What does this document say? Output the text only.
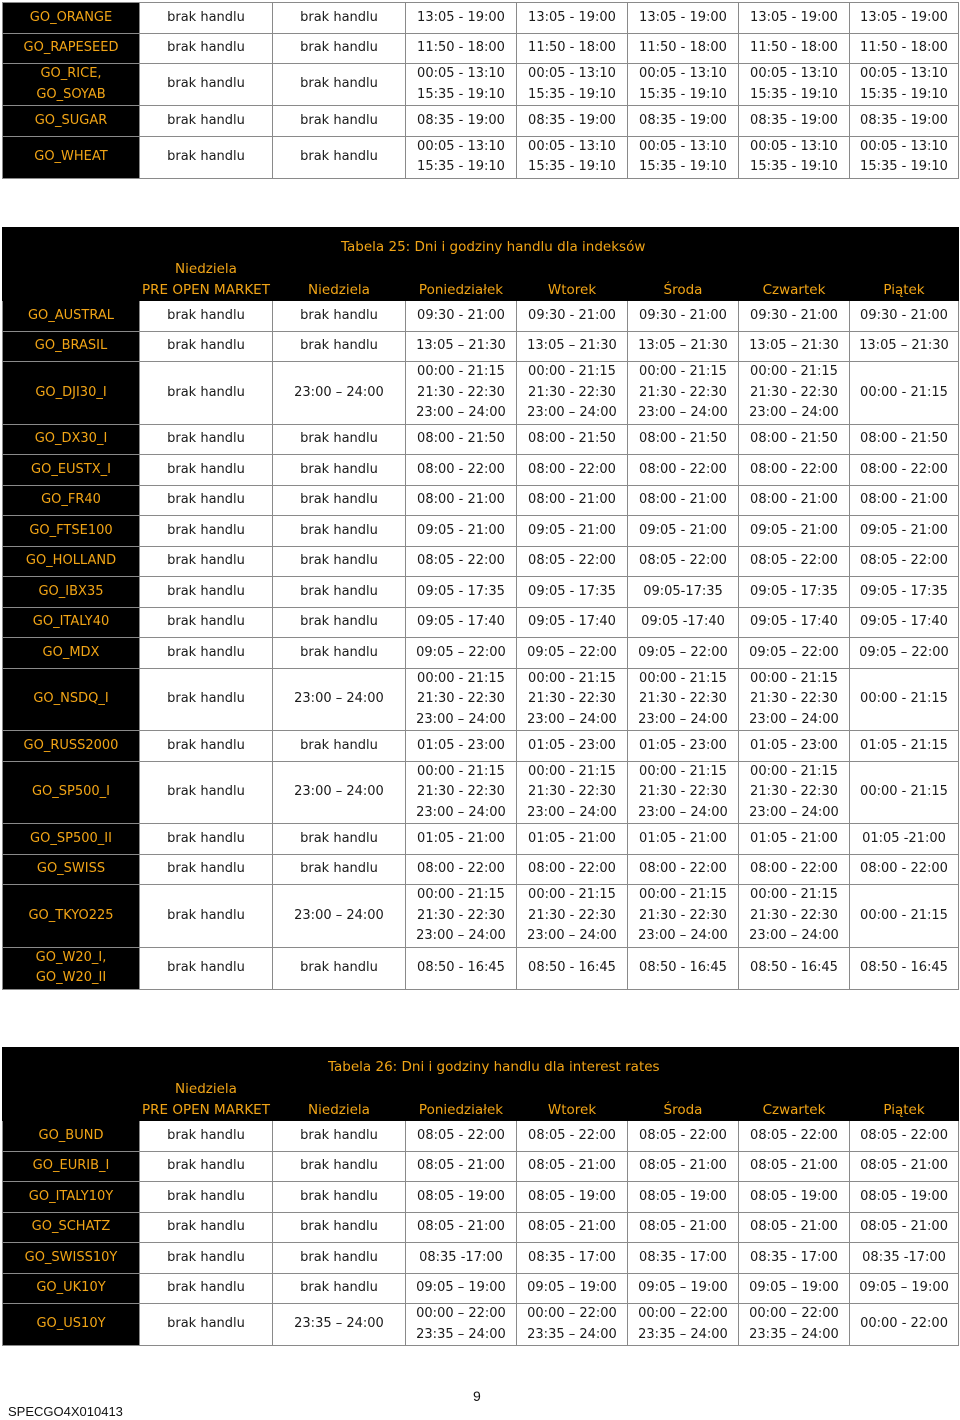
GO_ORANGE	brak handlu	brak handlu	13:05 - 19:00	13:05 - 19:00	13:05 - 19:00	13:05 - 19:00	13:05 - 19:00

GO_RAPESEED	brak handlu	brak handlu	11:50 - 18:00	11:50 - 18:00	11:50 - 18:00	11:50 - 18:00	11:50 - 18:00

GO_RICE,
GO_SOYAB	brak handlu	brak handlu	00:05 - 13:10
15:35 - 19:10	00:05 - 13:10
15:35 - 19:10	00:05 - 13:10
15:35 - 19:10	00:05 - 13:10
15:35 - 19:10	00:05 - 13:10
15:35 - 19:10

GO_SUGAR	brak handlu	brak handlu	08:35 - 19:00	08:35 - 19:00	08:35 - 19:00	08:35 - 19:00	08:35 - 19:00

GO_WHEAT	brak handlu	brak handlu	00:05 - 13:10
15:35 - 19:10	00:05 - 13:10
15:35 - 19:10	00:05 - 13:10
15:35 - 19:10	00:05 - 13:10
15:35 - 19:10	00:05 - 13:10
15:35 - 19:10
Tabela 25: Dni i godziny handlu dla indeksów							

	Niedziela
PRE OPEN MARKET	Niedziela	Poniedziałek	Wtorek	Środa	Czwartek	Piątek

GO_AUSTRAL	brak handlu	brak handlu	09:30 - 21:00	09:30 - 21:00	09:30 - 21:00	09:30 - 21:00	09:30 - 21:00

GO_BRASIL	brak handlu	brak handlu	13:05 – 21:30	13:05 – 21:30	13:05 – 21:30	13:05 – 21:30	13:05 – 21:30

GO_DJI30_I	brak handlu	23:00 – 24:00	00:00 - 21:15
21:30 - 22:30
23:00 – 24:00	00:00 - 21:15
21:30 - 22:30
23:00 – 24:00	00:00 - 21:15
21:30 - 22:30
23:00 – 24:00	00:00 - 21:15
21:30 - 22:30
23:00 – 24:00	00:00 - 21:15

GO_DX30_I	brak handlu	brak handlu	08:00 - 21:50	08:00 - 21:50	08:00 - 21:50	08:00 - 21:50	08:00 - 21:50

GO_EUSTX_I	brak handlu	brak handlu	08:00 - 22:00	08:00 - 22:00	08:00 - 22:00	08:00 - 22:00	08:00 - 22:00

GO_FR40	brak handlu	brak handlu	08:00 - 21:00	08:00 - 21:00	08:00 - 21:00	08:00 - 21:00	08:00 - 21:00

GO_FTSE100	brak handlu	brak handlu	09:05 - 21:00	09:05 - 21:00	09:05 - 21:00	09:05 - 21:00	09:05 - 21:00

GO_HOLLAND	brak handlu	brak handlu	08:05 - 22:00	08:05 - 22:00	08:05 - 22:00	08:05 - 22:00	08:05 - 22:00

GO_IBX35	brak handlu	brak handlu	09:05 - 17:35	09:05 - 17:35	09:05-17:35	09:05 - 17:35	09:05 - 17:35

GO_ITALY40	brak handlu	brak handlu	09:05 - 17:40	09:05 - 17:40	09:05 -17:40	09:05 - 17:40	09:05 - 17:40

GO_MDX	brak handlu	brak handlu	09:05 – 22:00	09:05 – 22:00	09:05 – 22:00	09:05 – 22:00	09:05 – 22:00

GO_NSDQ_I	brak handlu	23:00 – 24:00	00:00 - 21:15
21:30 - 22:30
23:00 – 24:00	00:00 - 21:15
21:30 - 22:30
23:00 – 24:00	00:00 - 21:15
21:30 - 22:30
23:00 – 24:00	00:00 - 21:15
21:30 - 22:30
23:00 – 24:00	00:00 - 21:15

GO_RUSS2000	brak handlu	brak handlu	01:05 - 23:00	01:05 - 23:00	01:05 - 23:00	01:05 - 23:00	01:05 - 21:15

GO_SP500_I	brak handlu	23:00 – 24:00	00:00 - 21:15
21:30 - 22:30
23:00 – 24:00	00:00 - 21:15
21:30 - 22:30
23:00 – 24:00	00:00 - 21:15
21:30 - 22:30
23:00 – 24:00	00:00 - 21:15
21:30 - 22:30
23:00 – 24:00	00:00 - 21:15

GO_SP500_II	brak handlu	brak handlu	01:05 - 21:00	01:05 - 21:00	01:05 - 21:00	01:05 - 21:00	01:05 -21:00

GO_SWISS	brak handlu	brak handlu	08:00 - 22:00	08:00 - 22:00	08:00 - 22:00	08:00 - 22:00	08:00 - 22:00

GO_TKYO225	brak handlu	23:00 – 24:00	00:00 - 21:15
21:30 - 22:30
23:00 – 24:00	00:00 - 21:15
21:30 - 22:30
23:00 – 24:00	00:00 - 21:15
21:30 - 22:30
23:00 – 24:00	00:00 - 21:15
21:30 - 22:30
23:00 – 24:00	00:00 - 21:15

GO_W20_I,
GO_W20_II	brak handlu	brak handlu	08:50 - 16:45	08:50 - 16:45	08:50 - 16:45	08:50 - 16:45	08:50 - 16:45
Tabela 26: Dni i godziny handlu dla interest rates							

	Niedziela
PRE OPEN MARKET	Niedziela	Poniedziałek	Wtorek	Środa	Czwartek	Piątek

GO_BUND	brak handlu	brak handlu	08:05 - 22:00	08:05 - 22:00	08:05 - 22:00	08:05 - 22:00	08:05 - 22:00

GO_EURIB_I	brak handlu	brak handlu	08:05 - 21:00	08:05 - 21:00	08:05 - 21:00	08:05 - 21:00	08:05 - 21:00

GO_ITALY10Y	brak handlu	brak handlu	08:05 - 19:00	08:05 - 19:00	08:05 - 19:00	08:05 - 19:00	08:05 - 19:00

GO_SCHATZ	brak handlu	brak handlu	08:05 - 21:00	08:05 - 21:00	08:05 - 21:00	08:05 - 21:00	08:05 - 21:00

GO_SWISS10Y	brak handlu	brak handlu	08:35 -17:00	08:35 - 17:00	08:35 - 17:00	08:35 - 17:00	08:35 -17:00

GO_UK10Y	brak handlu	brak handlu	09:05 – 19:00	09:05 – 19:00	09:05 – 19:00	09:05 – 19:00	09:05 – 19:00

GO_US10Y	brak handlu	23:35 – 24:00	00:00 – 22:00
23:35 – 24:00	00:00 – 22:00
23:35 – 24:00	00:00 – 22:00
23:35 – 24:00	00:00 – 22:00
23:35 – 24:00	00:00 - 22:00
SPECGO4X010413
9
